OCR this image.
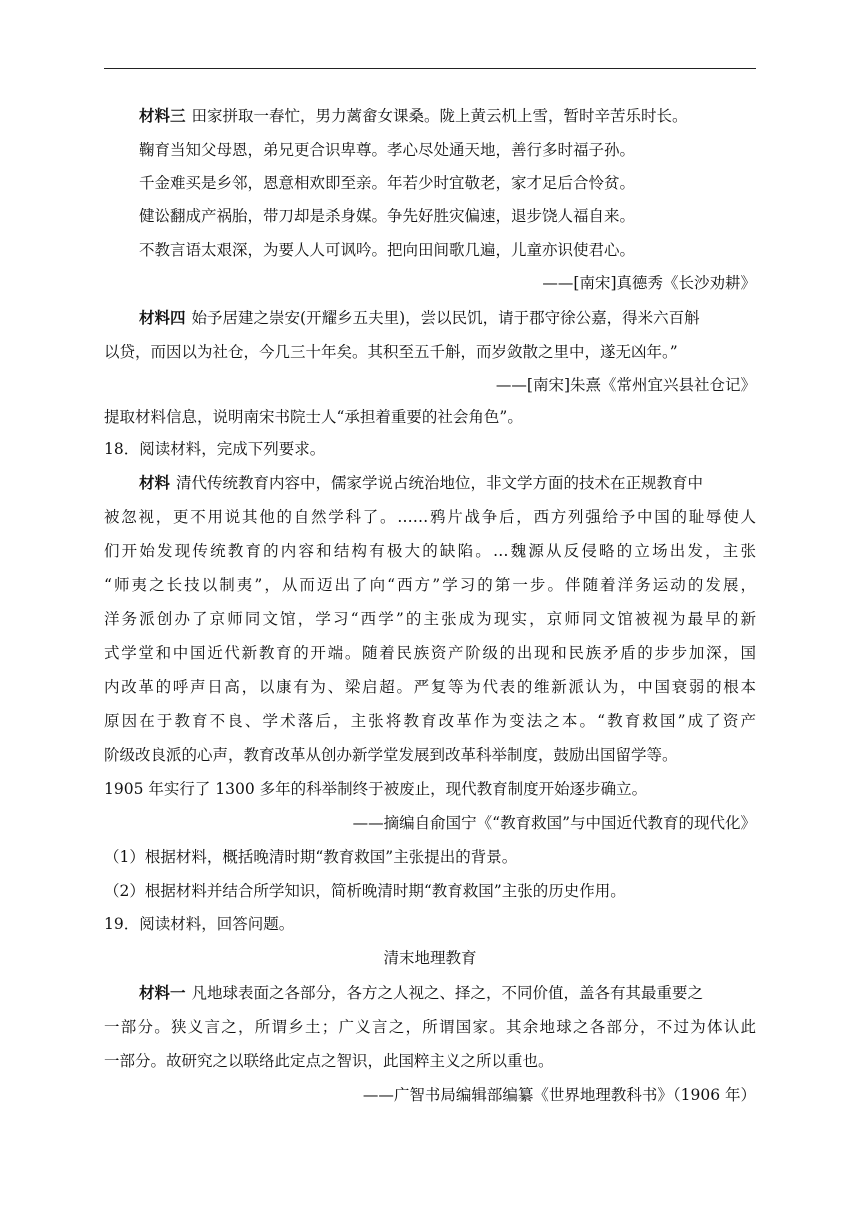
材料三 田家拼取一春忙，男力蓠畲女课桑。陇上黄云机上雪，暂时辛苦乐时长。
鞠育当知父母恩，弟兄更合识卑尊。孝心尽处通天地，善行多时福子孙。
千金难买是乡邻，恩意相欢即至亲。年若少时宜敬老，家才足后合怜贫。
健讼翻成产祸胎，带刀却是杀身媒。争先好胜灾偏速，退步饶人福自来。
不教言语太艰深，为要人人可讽吟。把向田间歌几遍，儿童亦识使君心。
——[南宋]真德秀《长沙劝耕》
材料四 始予居建之崇安(开耀乡五夫里)，尝以民饥，请于郡守徐公嘉，得米六百斛
以贷，而因以为社仓，今几三十年矣。其积至五千斛，而岁敛散之里中，遂无凶年。”
——[南宋]朱熹《常州宜兴县社仓记》
提取材料信息，说明南宋书院士人“承担着重要的社会角色”。
18．阅读材料，完成下列要求。
材料 清代传统教育内容中，儒家学说占统治地位，非文学方面的技术在正规教育中
被忽视，更不用说其他的自然学科了。……鸦片战争后，西方列强给予中国的耻辱使人
们开始发现传统教育的内容和结构有极大的缺陷。…魏源从反侵略的立场出发，主张
“师夷之长技以制夷”，从而迈出了向“西方”学习的第一步。伴随着洋务运动的发展，
洋务派创办了京师同文馆，学习“西学”的主张成为现实，京师同文馆被视为最早的新
式学堂和中国近代新教育的开端。随着民族资产阶级的出现和民族矛盾的步步加深，国
内改革的呼声日高，以康有为、梁启超。严复等为代表的维新派认为，中国衰弱的根本
原因在于教育不良、学术落后，主张将教育改革作为变法之本。“教育救国”成了资产
阶级改良派的心声，教育改革从创办新学堂发展到改革科举制度，鼓励出国留学等。
1905 年实行了 1300 多年的科举制终于被废止，现代教育制度开始逐步确立。
——摘编自俞国宁《“教育救国”与中国近代教育的现代化》
（1）根据材料，概括晚清时期“教育救国”主张提出的背景。
（2）根据材料并结合所学知识，简析晚清时期“教育救国”主张的历史作用。
19．阅读材料，回答问题。
清末地理教育
材料一 凡地球表面之各部分，各方之人视之、择之，不同价值，盖各有其最重要之
一部分。狭义言之，所谓乡土；广义言之，所谓国家。其余地球之各部分，不过为体认此
一部分。故研究之以联络此定点之智识，此国粹主义之所以重也。
——广智书局编辑部编纂《世界地理教科书》（1906 年）
